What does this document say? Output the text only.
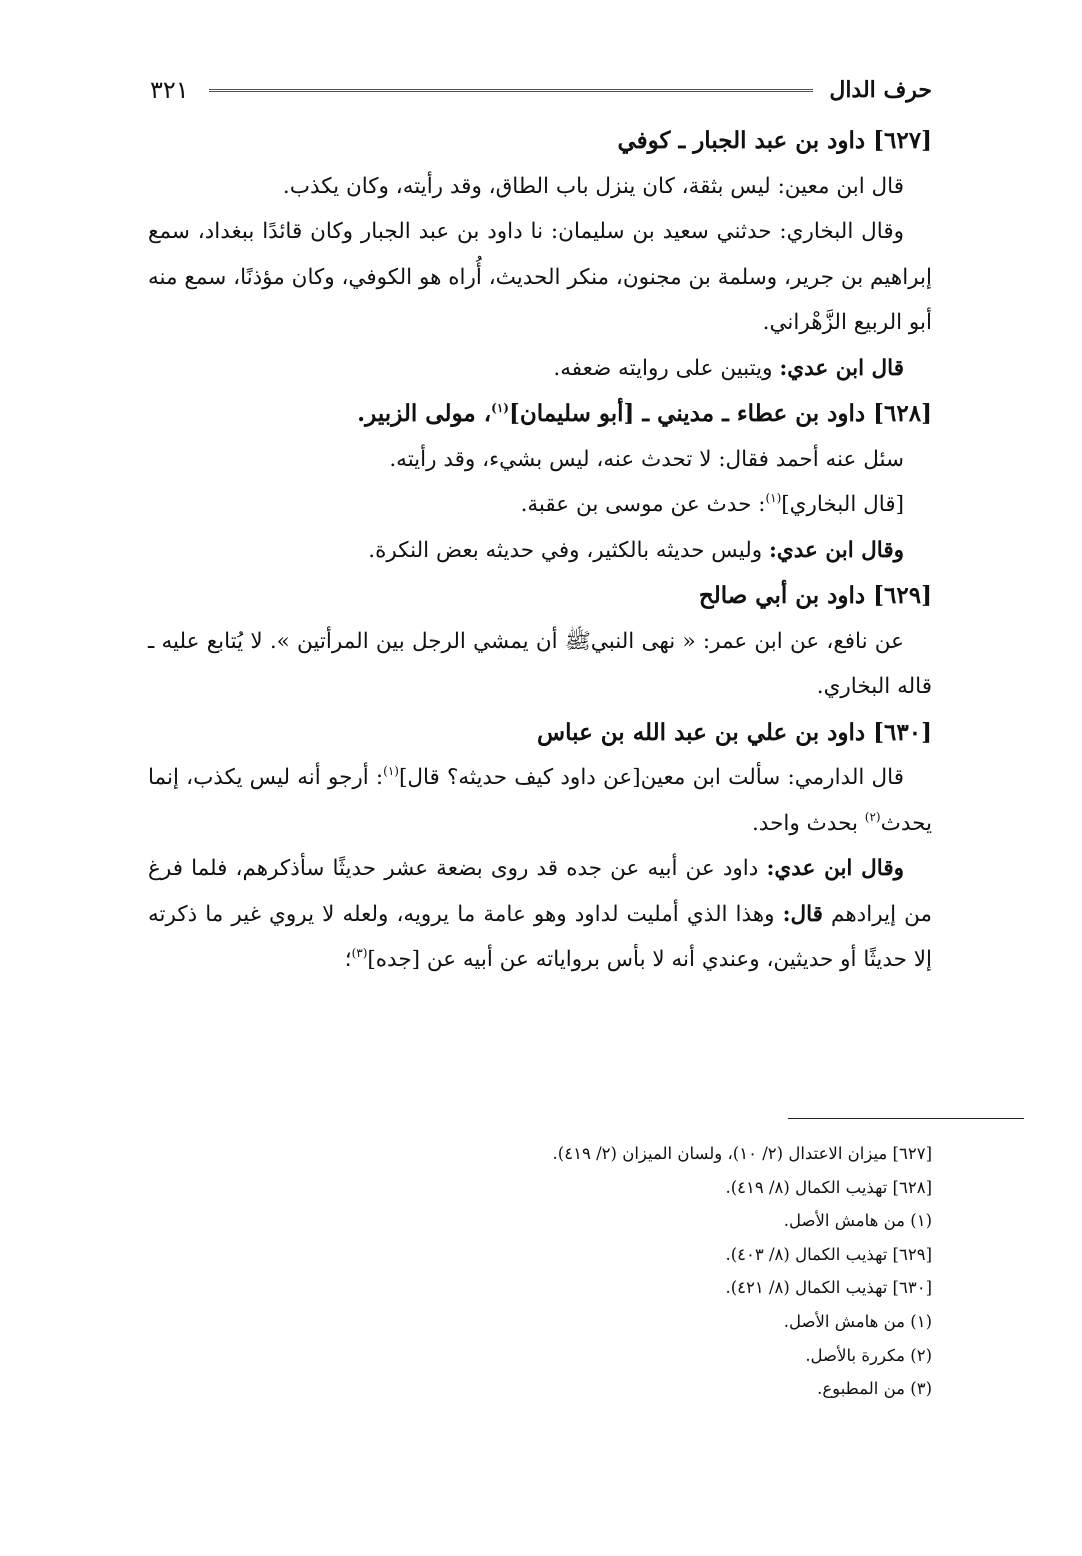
حرف الدال
٣٢١

[٦٢٧] داود بن عبد الجبار ـ كوفي

قال ابن معين: ليس بثقة، كان ينزل باب الطاق، وقد رأيته، وكان يكذب.

وقال البخاري: حدثني سعيد بن سليمان: نا داود بن عبد الجبار وكان قائدًا ببغداد، سمع إبراهيم بن جرير، وسلمة بن مجنون، منكر الحديث، أُراه هو الكوفي، وكان مؤذنًا، سمع منه أبو الربيع الزَّهْراني.

قال ابن عدي: ويتبين على روايته ضعفه.

[٦٢٨] داود بن عطاء ـ مديني ـ [أبو سليمان]$^{(١)}$، مولى الزبير.

سئل عنه أحمد فقال: لا تحدث عنه، ليس بشيء، وقد رأيته.

[قال البخاري]$^{(١)}$: حدث عن موسى بن عقبة.

وقال ابن عدي: وليس حديثه بالكثير، وفي حديثه بعض النكرة.

[٦٢٩] داود بن أبي صالح

عن نافع، عن ابن عمر: « نهى النبيﷺ أن يمشي الرجل بين المرأتين ». لا يُتابع عليه ـ قاله البخاري.

[٦٣٠] داود بن علي بن عبد الله بن عباس

قال الدارمي: سألت ابن معين[عن داود كيف حديثه؟ قال]$^{(١)}$: أرجو أنه ليس يكذب، إنما يحدث$^{(٢)}$ بحدث واحد.

وقال ابن عدي: داود عن أبيه عن جده قد روى بضعة عشر حديثًا سأذكرهم، فلما فرغ من إيرادهم قال: وهذا الذي أمليت لداود وهو عامة ما يرويه، ولعله لا يروي غير ما ذكرته إلا حديثًا أو حديثين، وعندي أنه لا بأس برواياته عن أبيه عن [جده]$^{(٣)}$؛

[٦٢٧] ميزان الاعتدال (٢/ ١٠)، ولسان الميزان (٢/ ٤١٩).
[٦٢٨] تهذيب الكمال (٨/ ٤١٩).
(١) من هامش الأصل.
[٦٢٩] تهذيب الكمال (٨/ ٤٠٣).
[٦٣٠] تهذيب الكمال (٨/ ٤٢١).
(١) من هامش الأصل.
(٢) مكررة بالأصل.
(٣) من المطبوع.
